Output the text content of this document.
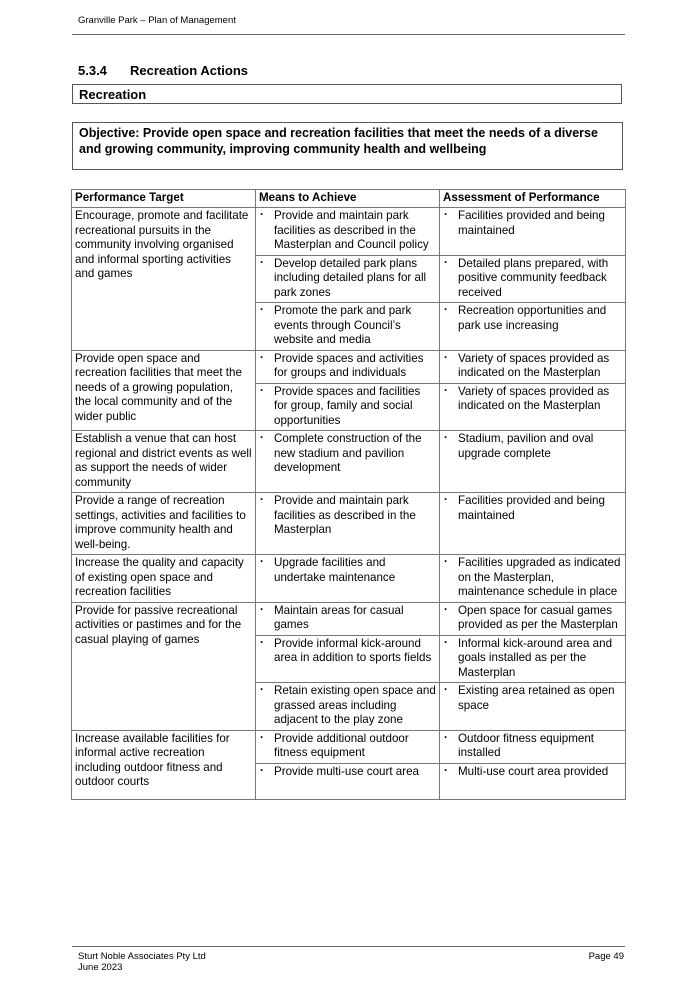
Granville Park – Plan of Management
5.3.4 Recreation Actions
Recreation
Objective: Provide open space and recreation facilities that meet the needs of a diverse and growing community, improving community health and wellbeing
Performance Target	Means to Achieve	Assessment of Performance
Encourage, promote and facilitate recreational pursuits in the community involving organised and informal sporting activities and games	· Provide and maintain park facilities as described in the Masterplan and Council policy	· Facilities provided and being maintained
	· Develop detailed park plans including detailed plans for all park zones	· Detailed plans prepared, with positive community feedback received
	· Promote the park and park events through Council’s website and media	· Recreation opportunities and park use increasing
Provide open space and recreation facilities that meet the needs of a growing population, the local community and of the wider public	· Provide spaces and activities for groups and individuals	· Variety of spaces provided as indicated on the Masterplan
	· Provide spaces and facilities for group, family and social opportunities	· Variety of spaces provided as indicated on the Masterplan
Establish a venue that can host regional and district events as well as support the needs of wider community	· Complete construction of the new stadium and pavilion development	· Stadium, pavilion and oval upgrade complete
Provide a range of recreation settings, activities and facilities to improve community health and well-being.	· Provide and maintain park facilities as described in the Masterplan	· Facilities provided and being maintained
Increase the quality and capacity of existing open space and recreation facilities	· Upgrade facilities and undertake maintenance	· Facilities upgraded as indicated on the Masterplan, maintenance schedule in place
Provide for passive recreational activities or pastimes and for the casual playing of games	· Maintain areas for casual games	· Open space for casual games provided as per the Masterplan
	· Provide informal kick-around area in addition to sports fields	· Informal kick-around area and goals installed as per the Masterplan
	· Retain existing open space and grassed areas including adjacent to the play zone	· Existing area retained as open space
Increase available facilities for informal active recreation including outdoor fitness and outdoor courts	· Provide additional outdoor fitness equipment	· Outdoor fitness equipment installed
	· Provide multi-use court area	· Multi-use court area provided
Sturt Noble Associates Pty Ltd
June 2023
Page 49
